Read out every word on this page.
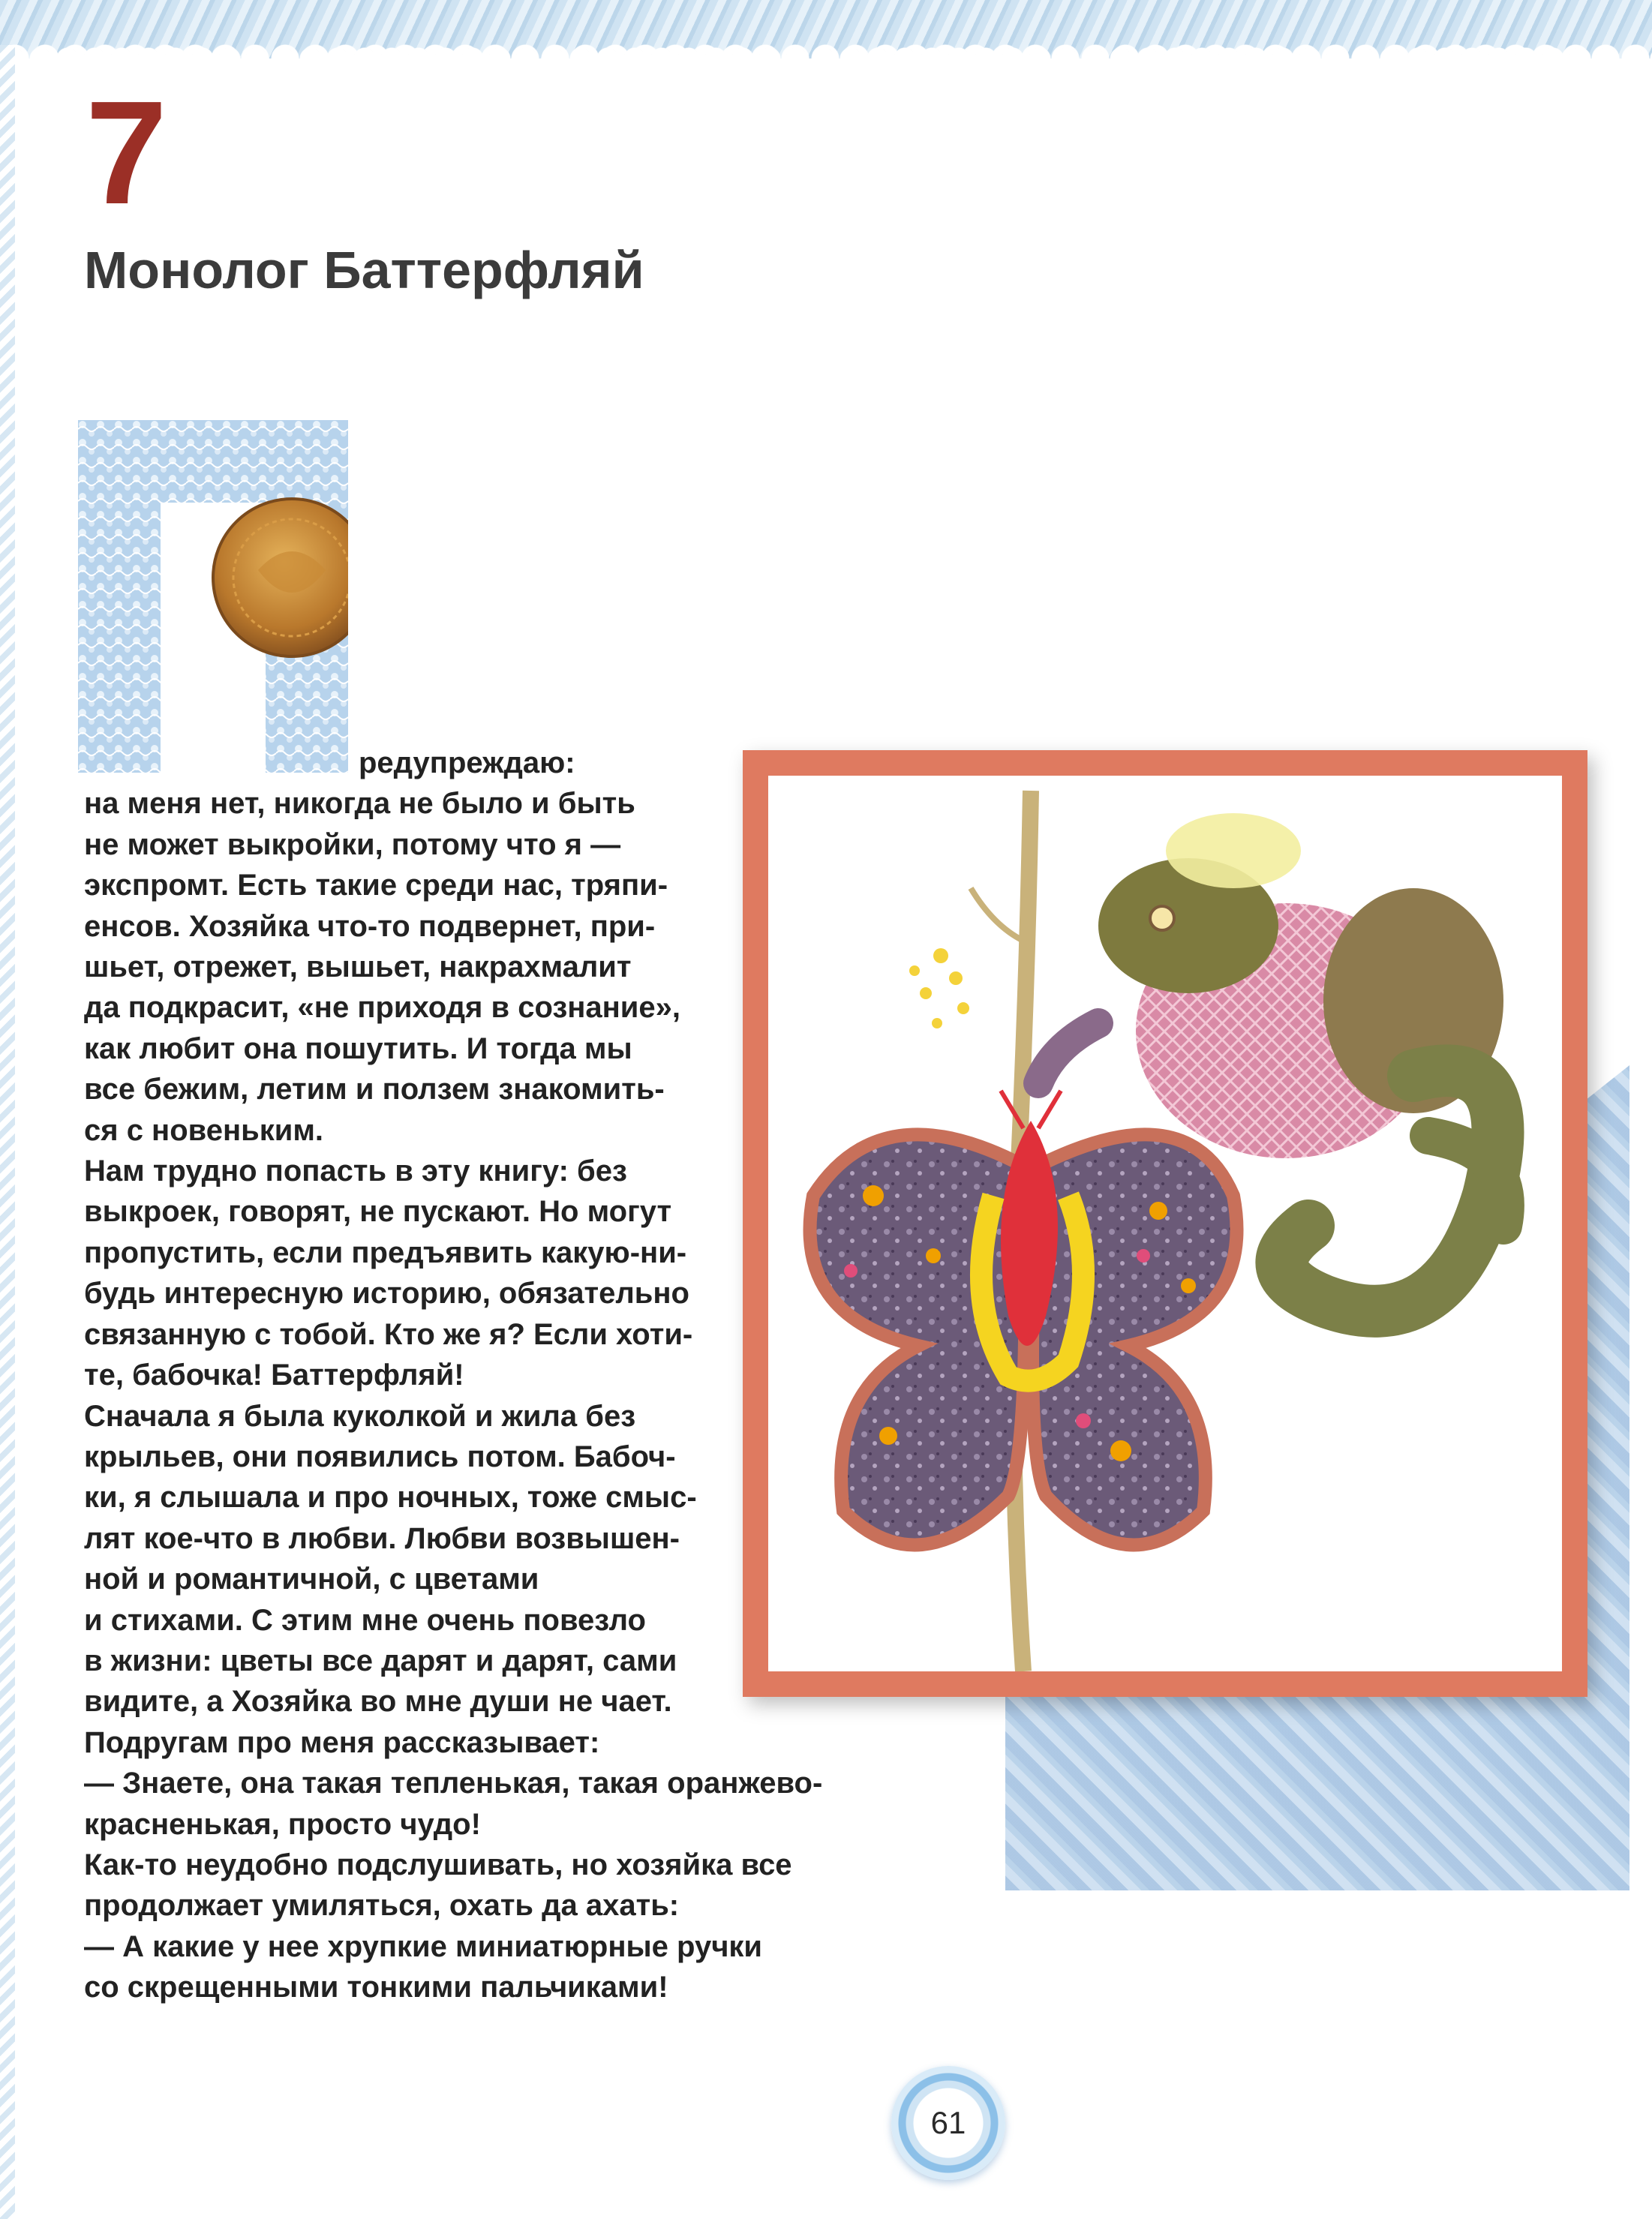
7
Монолог Баттерфляй

редупреждаю:

на меня нет, никогда не было и быть

не может выкройки, потому что я —

экспромт. Есть такие среди нас, тряпи-

енсов. Хозяйка что-то подвернет, при-

шьет, отрежет, вышьет, накрахмалит

да подкрасит, «не приходя в сознание»,

как любит она пошутить. И тогда мы

все бежим, летим и ползем знакомить-

ся с новеньким.

Нам трудно попасть в эту книгу: без

выкроек, говорят, не пускают. Но могут

пропустить, если предъявить какую-ни-

будь интересную историю, обязательно

связанную с тобой. Кто же я? Если хоти-

те, бабочка! Баттерфляй!

Сначала я была куколкой и жила без

крыльев, они появились потом. Бабоч-

ки, я слышала и про ночных, тоже смыс-

лят кое-что в любви. Любви возвышен-

ной и романтичной, с цветами

и стихами. С этим мне очень повезло

в жизни: цветы все дарят и дарят, сами

видите, а Хозяйка во мне души не чает.

Подругам про меня рассказывает:

— Знаете, она такая тепленькая, такая оранжево-

красненькая, просто чудо!

Как-то неудобно подслушивать, но хозяйка все

продолжает умиляться, охать да ахать:

— А какие у нее хрупкие миниатюрные ручки

со скрещенными тонкими пальчиками!

61
